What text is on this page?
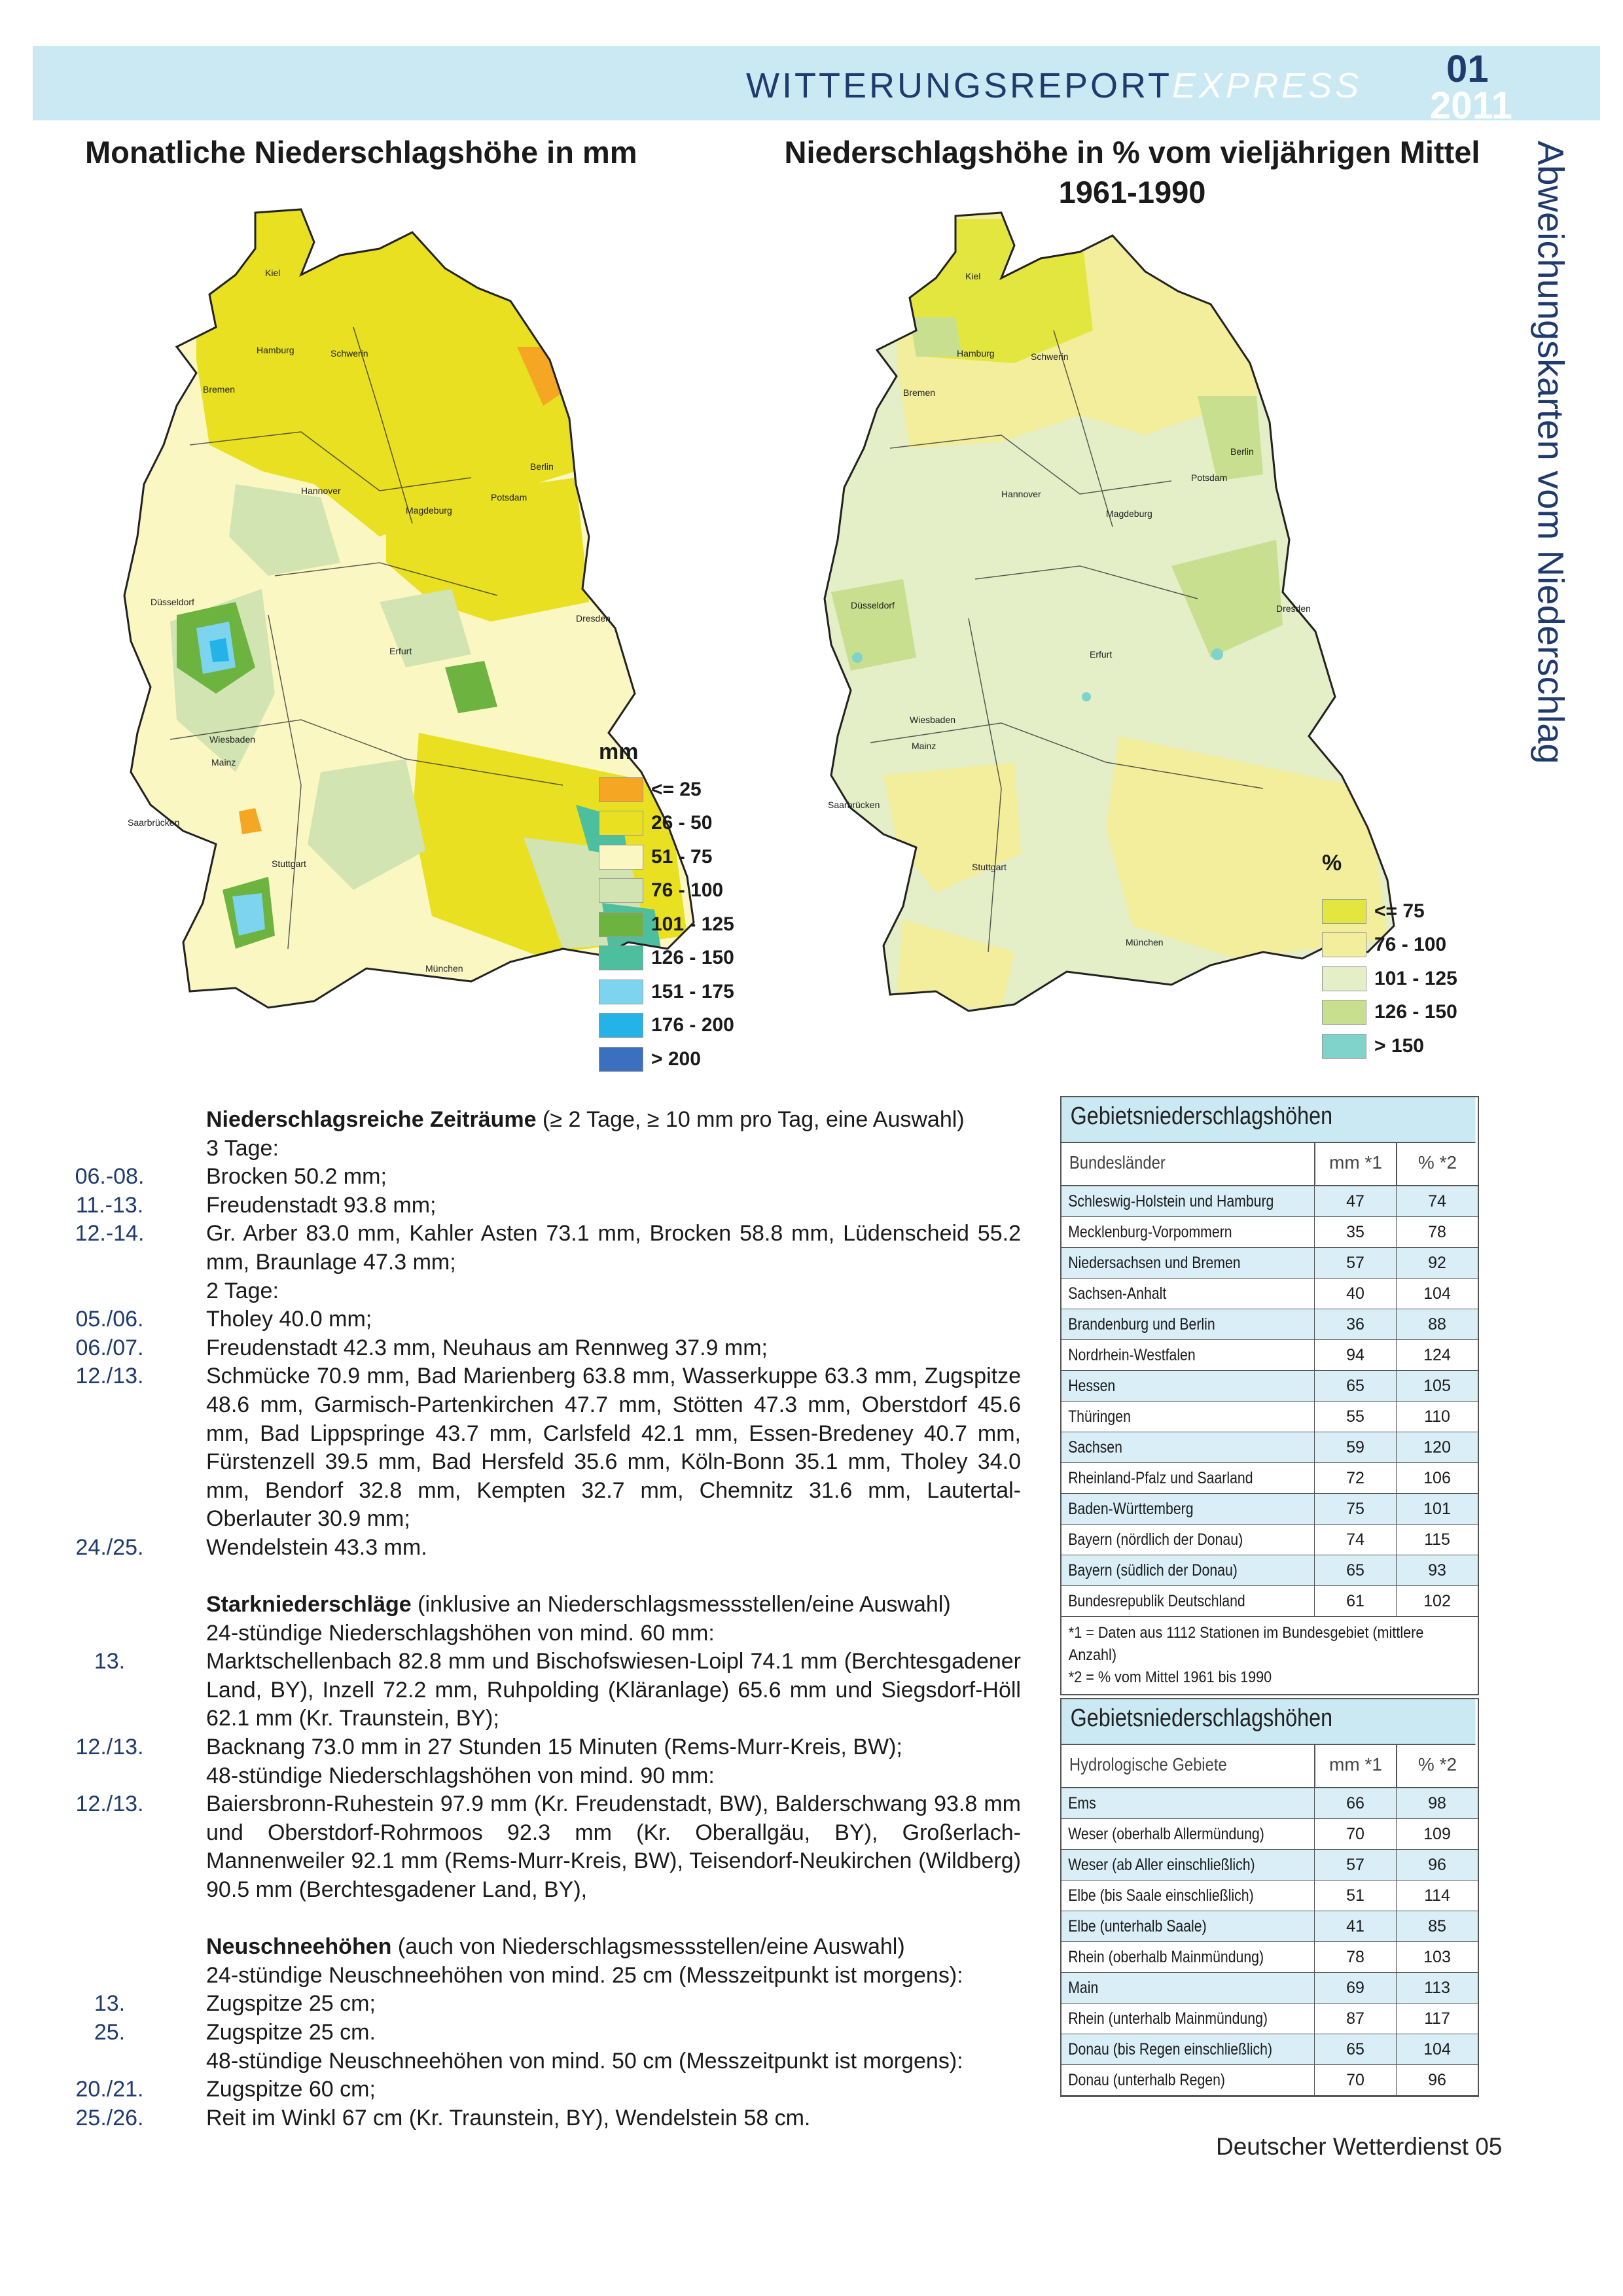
WITTERUNGSREPORTEXPRESS 01
2011
Abweichungskarten vom Niederschlag
Monatliche Niederschlagshöhe in mm	Niederschlagshöhe in % vom vieljährigen Mittel
1961-1990
Kiel
Hamburg	Schwerin
Bremen
Berlin
Hannover
Potsdam
Magdeburg
Düsseldorf
Dresden
Erfurt
Wiesbaden
Mainz
Saarbrücken
Stuttgart
München
mm
<= 25
26 - 50
51 - 75
76 - 100
101 - 125
126 - 150
151 - 175
176 - 200
> 200
Kiel
Hamburg	Schwerin
Bremen
Berlin
Hannover
Potsdam
Magdeburg
Düsseldorf	Dresden
Erfurt
Wiesbaden
Mainz
Saarbrücken
Stuttgart
München
%
<= 75
76 - 100
101 - 125
126 - 150
> 150
Niederschlagsreiche Zeiträume (≥ 2 Tage, ≥ 10 mm pro Tag, eine Auswahl)
3 Tage:
06.-08.	Brocken 50.2 mm;
11.-13.	Freudenstadt 93.8 mm;
12.-14.	Gr. Arber 83.0 mm, Kahler Asten 73.1 mm, Brocken 58.8 mm, Lüdenscheid 55.2 mm, Braunlage 47.3 mm;
2 Tage:
05./06.	Tholey 40.0 mm;
06./07.	Freudenstadt 42.3 mm, Neuhaus am Rennweg 37.9 mm;
12./13.	Schmücke 70.9 mm, Bad Marienberg 63.8 mm, Wasserkuppe 63.3 mm, Zugspitze 48.6 mm, Garmisch-Partenkirchen 47.7 mm, Stötten 47.3 mm, Oberstdorf 45.6 mm, Bad Lippspringe 43.7 mm, Carlsfeld 42.1 mm, Essen-Bredeney 40.7 mm, Fürstenzell 39.5 mm, Bad Hersfeld 35.6 mm, Köln-Bonn 35.1 mm, Tholey 34.0 mm, Bendorf 32.8 mm, Kempten 32.7 mm, Chemnitz 31.6 mm, Lautertal-Oberlauter 30.9 mm;
24./25.	Wendelstein 43.3 mm.
Starkniederschläge (inklusive an Niederschlagsmessstellen/eine Auswahl)
24-stündige Niederschlagshöhen von mind. 60 mm:
13.	Marktschellenbach 82.8 mm und Bischofswiesen-Loipl 74.1 mm (Berchtesgadener Land, BY), Inzell 72.2 mm, Ruhpolding (Kläranlage) 65.6 mm und Siegsdorf-Höll 62.1 mm (Kr. Traunstein, BY);
12./13.	Backnang 73.0 mm in 27 Stunden 15 Minuten (Rems-Murr-Kreis, BW);
48-stündige Niederschlagshöhen von mind. 90 mm:
12./13.	Baiersbronn-Ruhestein 97.9 mm (Kr. Freudenstadt, BW), Balderschwang 93.8 mm und Oberstdorf-Rohrmoos 92.3 mm (Kr. Oberallgäu, BY), Großerlach-Mannenweiler 92.1 mm (Rems-Murr-Kreis, BW), Teisendorf-Neukirchen (Wildberg) 90.5 mm (Berchtesgadener Land, BY),
Neuschneehöhen (auch von Niederschlagsmessstellen/eine Auswahl)
24-stündige Neuschneehöhen von mind. 25 cm (Messzeitpunkt ist morgens):
13.	Zugspitze 25 cm;
25.	Zugspitze 25 cm.
48-stündige Neuschneehöhen von mind. 50 cm (Messzeitpunkt ist morgens):
20./21.	Zugspitze 60 cm;
25./26.	Reit im Winkl 67 cm (Kr. Traunstein, BY), Wendelstein 58 cm.
Gebietsniederschlagshöhen
Bundesländer	mm *1	% *2
Schleswig-Holstein und Hamburg	47	74
Mecklenburg-Vorpommern	35	78
Niedersachsen und Bremen	57	92
Sachsen-Anhalt	40	104
Brandenburg und Berlin	36	88
Nordrhein-Westfalen	94	124
Hessen	65	105
Thüringen	55	110
Sachsen	59	120
Rheinland-Pfalz und Saarland	72	106
Baden-Württemberg	75	101
Bayern (nördlich der Donau)	74	115
Bayern (südlich der Donau)	65	93
Bundesrepublik Deutschland	61	102
*1 = Daten aus 1112 Stationen im Bundesgebiet (mittlere Anzahl)
*2 = % vom Mittel 1961 bis 1990
Gebietsniederschlagshöhen
Hydrologische Gebiete	mm *1	% *2
Ems	66	98
Weser (oberhalb Allermündung)	70	109
Weser (ab Aller einschließlich)	57	96
Elbe (bis Saale einschließlich)	51	114
Elbe (unterhalb Saale)	41	85
Rhein (oberhalb Mainmündung)	78	103
Main	69	113
Rhein (unterhalb Mainmündung)	87	117
Donau (bis Regen einschließlich)	65	104
Donau (unterhalb Regen)	70	96
Deutscher Wetterdienst 05
